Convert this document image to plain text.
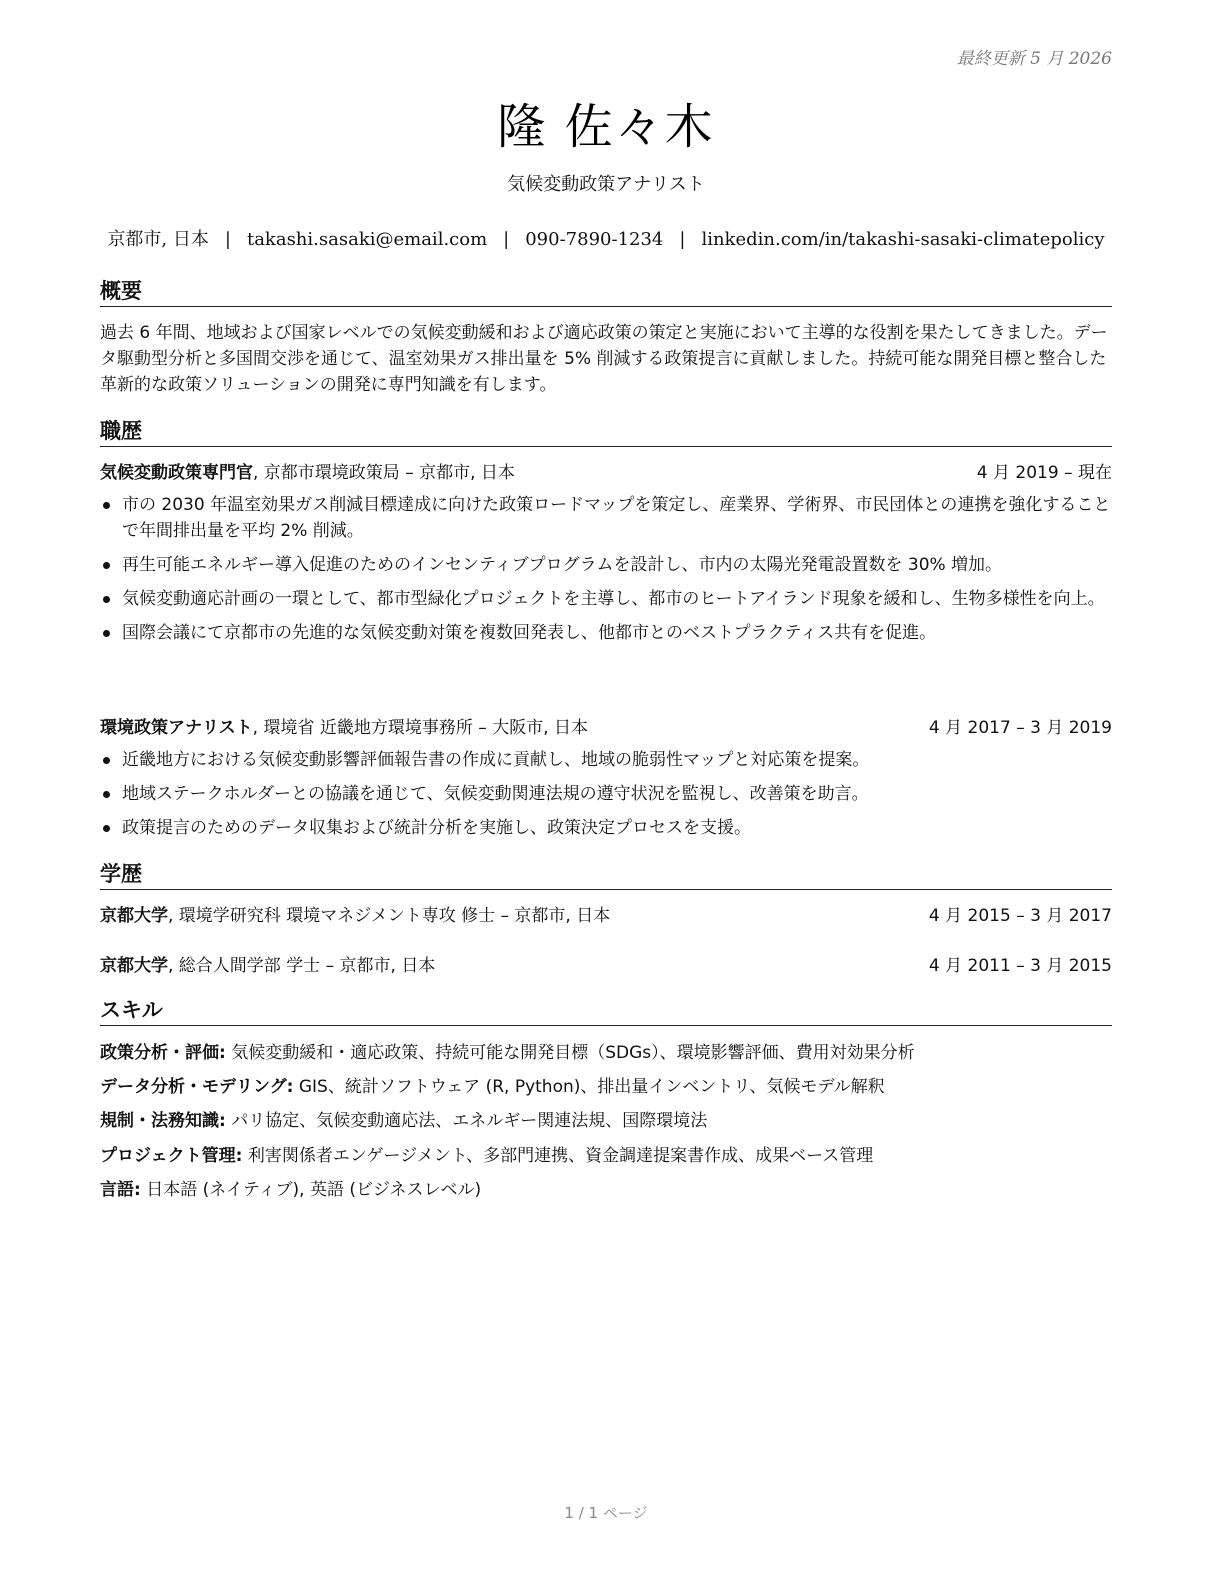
最終更新 5 月 2026
隆 佐々木
気候変動政策アナリスト
京都市, 日本 | takashi.sasaki@email.com | 090-7890-1234 | linkedin.com/in/takashi-sasaki-climatepolicy
概要
過去 6 年間、地域および国家レベルでの気候変動緩和および適応政策の策定と実施において主導的な役割を果たしてきました。データ駆動型分析と多国間交渉を通じて、温室効果ガス排出量を 5% 削減する政策提言に貢献しました。持続可能な開発目標と整合した革新的な政策ソリューションの開発に専門知識を有します。
職歴
気候変動政策専門官, 京都市環境政策局 – 京都市, 日本	4 月 2019 – 現在
市の 2030 年温室効果ガス削減目標達成に向けた政策ロードマップを策定し、産業界、学術界、市民団体との連携を強化することで年間排出量を平均 2% 削減。
再生可能エネルギー導入促進のためのインセンティブプログラムを設計し、市内の太陽光発電設置数を 30% 増加。
気候変動適応計画の一環として、都市型緑化プロジェクトを主導し、都市のヒートアイランド現象を緩和し、生物多様性を向上。
国際会議にて京都市の先進的な気候変動対策を複数回発表し、他都市とのベストプラクティス共有を促進。
環境政策アナリスト, 環境省 近畿地方環境事務所 – 大阪市, 日本	4 月 2017 – 3 月 2019
近畿地方における気候変動影響評価報告書の作成に貢献し、地域の脆弱性マップと対応策を提案。
地域ステークホルダーとの協議を通じて、気候変動関連法規の遵守状況を監視し、改善策を助言。
政策提言のためのデータ収集および統計分析を実施し、政策決定プロセスを支援。
学歴
京都大学, 環境学研究科 環境マネジメント専攻 修士 – 京都市, 日本	4 月 2015 – 3 月 2017
京都大学, 総合人間学部 学士 – 京都市, 日本	4 月 2011 – 3 月 2015
スキル
政策分析・評価: 気候変動緩和・適応政策、持続可能な開発目標（SDGs）、環境影響評価、費用対効果分析
データ分析・モデリング: GIS、統計ソフトウェア (R, Python)、排出量インベントリ、気候モデル解釈
規制・法務知識: パリ協定、気候変動適応法、エネルギー関連法規、国際環境法
プロジェクト管理: 利害関係者エンゲージメント、多部門連携、資金調達提案書作成、成果ベース管理
言語: 日本語 (ネイティブ), 英語 (ビジネスレベル)
1 / 1 ページ
